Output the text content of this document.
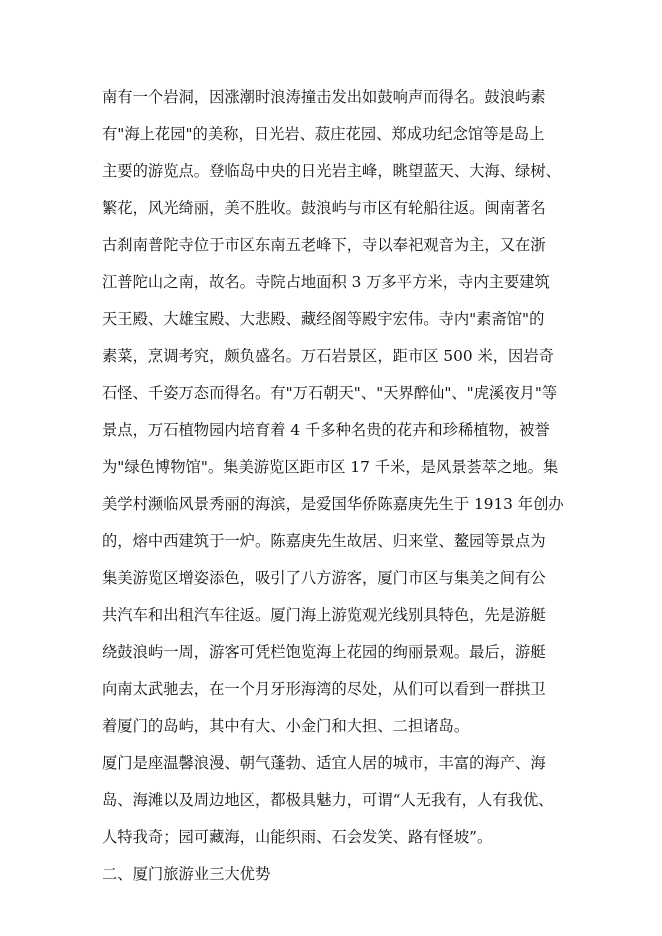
南有一个岩洞，因涨潮时浪涛撞击发出如鼓响声而得名。鼓浪屿素
有"海上花园"的美称，日光岩、菽庄花园、郑成功纪念馆等是岛上
主要的游览点。登临岛中央的日光岩主峰，眺望蓝天、大海、绿树、
繁花，风光绮丽，美不胜收。鼓浪屿与市区有轮船往返。闽南著名
古刹南普陀寺位于市区东南五老峰下，寺以奉祀观音为主，又在浙
江普陀山之南，故名。寺院占地面积 3 万多平方米，寺内主要建筑
天王殿、大雄宝殿、大悲殿、藏经阁等殿宇宏伟。寺内"素斋馆"的
素菜，烹调考究，颇负盛名。万石岩景区，距市区 500 米，因岩奇
石怪、千姿万态而得名。有"万石朝天"、"天界醉仙"、"虎溪夜月"等
景点，万石植物园内培育着 4 千多种名贵的花卉和珍稀植物，被誉
为"绿色博物馆"。集美游览区距市区 17 千米，是风景荟萃之地。集
美学村濒临风景秀丽的海滨，是爱国华侨陈嘉庚先生于 1913 年创办
的，熔中西建筑于一炉。陈嘉庚先生故居、归来堂、鳌园等景点为
集美游览区增姿添色，吸引了八方游客，厦门市区与集美之间有公
共汽车和出租汽车往返。厦门海上游览观光线别具特色，先是游艇
绕鼓浪屿一周，游客可凭栏饱览海上花园的绚丽景观。最后，游艇
向南太武驰去，在一个月牙形海湾的尽处，从们可以看到一群拱卫
着厦门的岛屿，其中有大、小金门和大担、二担诸岛。
厦门是座温馨浪漫、朝气蓬勃、适宜人居的城市，丰富的海产、海
岛、海滩以及周边地区，都极具魅力，可谓“人无我有，人有我优、
人特我奇；园可藏海，山能织雨、石会发笑、路有怪坡”。
二、厦门旅游业三大优势
